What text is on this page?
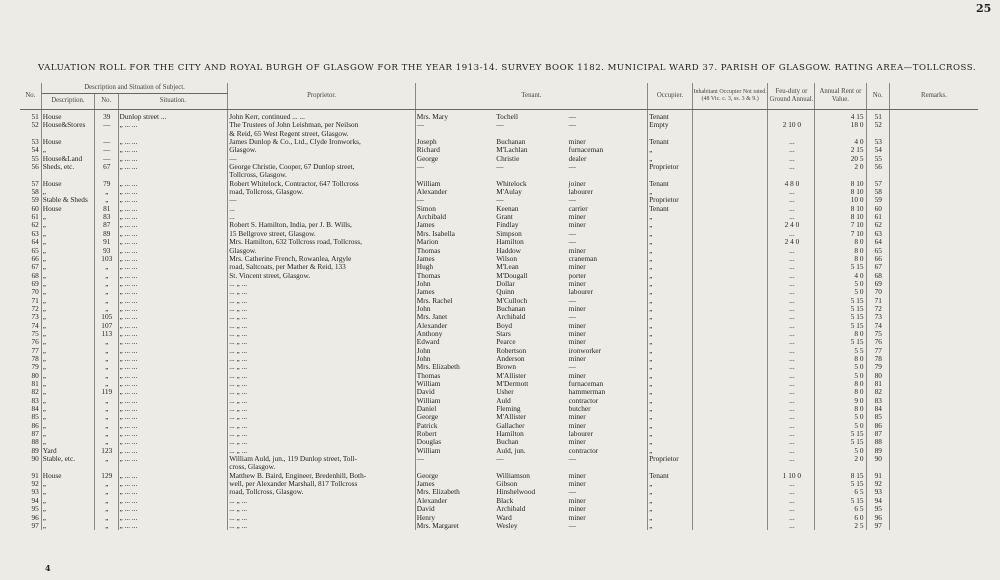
25
VALUATION ROLL FOR THE CITY AND ROYAL BURGH OF GLASGOW FOR THE YEAR 1913-14. SURVEY BOOK 1182. MUNICIPAL WARD 37. PARISH OF GLASGOW. RATING AREA—TOLLCROSS.
No.	Description and Situation of Subject.			Proprietor.	Tenant.			Occupier.	Inhabitant Occupier Not rated. (48 Vic. c. 3, ss. 3 & 9.)	Feu-duty or Ground Annual.	Annual Rent or Value.	No.	Remarks.
	Description.	No.	Situation.										
51	House	39	Dunlop street ...	John Kerr, continued ... ...	Mrs. Mary	Tochell	—	Tenant			4 15	51	
52	House&Stores	—	„ ... ...	The Trustees of John Leishman, per Neilson	—	—	—	Empty		2 10 0	18 0	52	
				& Reid, 65 West Regent street, Glasgow.									
53	House	—	„ ... ...	James Dunlop & Co., Ltd., Clyde Ironworks,	Joseph	Buchanan	miner	Tenant		...	4 0	53	
54	„	—	„ ... ...	Glasgow.	Richard	M'Lachlan	furnaceman	„		...	2 15	54	
55	House&Land	—	„ ... ...	—	George	Christie	dealer	„		...	20 5	55	
56	Sheds, etc.	67	„ ... ...	George Christie, Cooper, 67 Dunlop street,	—	—	—	Proprietor		...	2 0	56	
				Tollcross, Glasgow.									
57	House	79	„ ... ...	Robert Whitelock, Contractor, 647 Tollcross	William	Whitelock	joiner	Tenant		4 8 0	8 10	57	
58	„	„	„ ... ...	road, Tollcross, Glasgow.	Alexander	M'Aulay	labourer	„		...	8 10	58	
59	Stable & Sheds	„	„ ... ...	—	—	—	—	Proprietor		...	10 0	59	
60	House	81	„ ... ...	...	Simon	Keenan	carrier	Tenant		...	8 10	60	
61	„	83	„ ... ...	...	Archibald	Grant	miner	„		...	8 10	61	
62	„	87	„ ... ...	Robert S. Hamilton, India, per J. B. Wills,	James	Findlay	miner	„		2 4 0	7 10	62	
63	„	89	„ ... ...	15 Bellgrove street, Glasgow.	Mrs. Isabella	Simpson	—	„		...	7 10	63	
64	„	91	„ ... ...	Mrs. Hamilton, 632 Tollcross road, Tollcross,	Marion	Hamilton	—	„		2 4 0	8 0	64	
65	„	93	„ ... ...	Glasgow.	Thomas	Haddow	miner	„		...	8 0	65	
66	„	103	„ ... ...	Mrs. Catherine French, Rowanlea, Argyle	James	Wilson	craneman	„		...	8 0	66	
67	„	„	„ ... ...	road, Saltcoats, per Mather & Reid, 133	Hugh	M'Lean	miner	„		...	5 15	67	
68	„	„	„ ... ...	St. Vincent street, Glasgow.	Thomas	M'Dougall	porter	„		...	4 0	68	
69	„	„	„ ... ...	... „ ...	John	Dollar	miner	„		...	5 0	69	
70	„	„	„ ... ...	... „ ...	James	Quinn	labourer	„		...	5 0	70	
71	„	„	„ ... ...	... „ ...	Mrs. Rachel	M'Culloch	—	„		...	5 15	71	
72	„	„	„ ... ...	... „ ...	John	Buchanan	miner	„		...	5 15	72	
73	„	105	„ ... ...	... „ ...	Mrs. Janet	Archibald	—	„		...	5 15	73	
74	„	107	„ ... ...	... „ ...	Alexander	Boyd	miner	„		...	5 15	74	
75	„	113	„ ... ...	... „ ...	Anthony	Stars	miner	„		...	8 0	75	
76	„	„	„ ... ...	... „ ...	Edward	Pearce	miner	„		...	5 15	76	
77	„	„	„ ... ...	... „ ...	John	Robertson	ironworker	„		...	5 5	77	
78	„	„	„ ... ...	... „ ...	John	Anderson	miner	„		...	8 0	78	
79	„	„	„ ... ...	... „ ...	Mrs. Elizabeth	Brown	—	„		...	5 0	79	
80	„	„	„ ... ...	... „ ...	Thomas	M'Allister	miner	„		...	5 0	80	
81	„	„	„ ... ...	... „ ...	William	M'Dermott	furnaceman	„		...	8 0	81	
82	„	119	„ ... ...	... „ ...	David	Usher	hammerman	„		...	8 0	82	
83	„	„	„ ... ...	... „ ...	William	Auld	contractor	„		...	9 0	83	
84	„	„	„ ... ...	... „ ...	Daniel	Fleming	butcher	„		...	8 0	84	
85	„	„	„ ... ...	... „ ...	George	M'Allister	miner	„		...	5 0	85	
86	„	„	„ ... ...	... „ ...	Patrick	Gallacher	miner	„		...	5 0	86	
87	„	„	„ ... ...	... „ ...	Robert	Hamilton	labourer	„		...	5 15	87	
88	„	„	„ ... ...	... „ ...	Douglas	Buchan	miner	„		...	5 15	88	
89	Yard	123	„ ... ...	... „ ...	William	Auld, jun.	contractor	„		...	5 0	89	
90	Stable, etc.	„	„ ... ...	William Auld, jun., 119 Dunlop street, Toll-	—	—	—	Proprietor		...	2 0	90	
				cross, Glasgow.									
91	House	129	„ ... ...	Matthew B. Baird, Engineer, Bredenhill, Both-	George	Williamson	miner	Tenant		1 10 0	8 15	91	
92	„	„	„ ... ...	well, per Alexander Marshall, 817 Tollcross	James	Gibson	miner	„		...	5 15	92	
93	„	„	„ ... ...	road, Tollcross, Glasgow.	Mrs. Elizabeth	Hinshelwood	—	„		...	6 5	93	
94	„	„	„ ... ...	... „ ...	Alexander	Black	miner	„		...	5 15	94	
95	„	„	„ ... ...	... „ ...	David	Archibald	miner	„		...	6 5	95	
96	„	„	„ ... ...	... „ ...	Henry	Ward	miner	„		...	6 0	96	
97	„	„	„ ... ...	... „ ...	Mrs. Margaret	Wesley	—	„		...	2 5	97	
4
